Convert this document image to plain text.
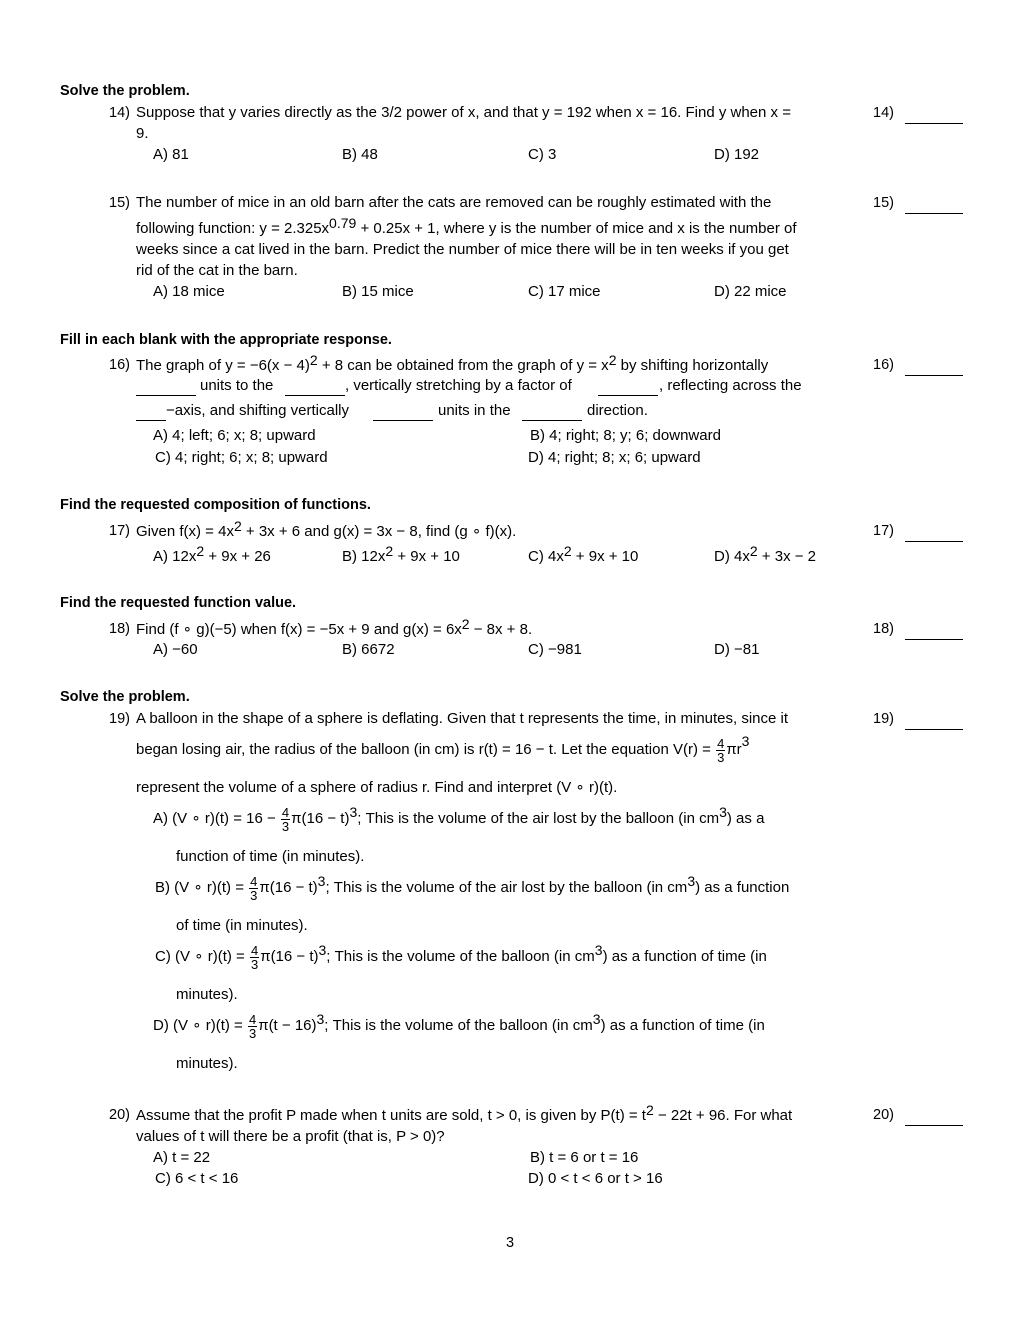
Solve the problem.
14) Suppose that y varies directly as the 3/2 power of x, and that y = 192 when x = 16. Find y when x =
9.
A) 81	B) 48	C) 3	D) 192
14)
15) The number of mice in an old barn after the cats are removed can be roughly estimated with the
following function: y = 2.325x0.79 + 0.25x + 1, where y is the number of mice and x is the number of
weeks since a cat lived in the barn. Predict the number of mice there will be in ten weeks if you get
rid of the cat in the barn.
A) 18 mice	B) 15 mice	C) 17 mice	D) 22 mice
15)
Fill in each blank with the appropriate response.
16) The graph of y = −6(x − 4)2 + 8 can be obtained from the graph of y = x2 by shifting horizontally
units to the	, vertically stretching by a factor of	, reflecting across the
−axis, and shifting vertically	units in the	direction.
A) 4; left; 6; x; 8; upward	B) 4; right; 8; y; 6; downward
C) 4; right; 6; x; 8; upward	D) 4; right; 8; x; 6; upward
16)
Find the requested composition of functions.
17) Given f(x) = 4x2 + 3x + 6 and g(x) = 3x − 8, find (g ∘ f)(x).
A) 12x2 + 9x + 26	B) 12x2 + 9x + 10	C) 4x2 + 9x + 10	D) 4x2 + 3x − 2
17)
Find the requested function value.
18) Find (f ∘ g)(−5) when f(x) = −5x + 9 and g(x) = 6x2 − 8x + 8.
A) −60	B) 6672	C) −981	D) −81
18)
Solve the problem.
19) A balloon in the shape of a sphere is deflating. Given that t represents the time, in minutes, since it
began losing air, the radius of the balloon (in cm) is r(t) = 16 − t. Let the equation $V(r) = \frac{4}{3} \pi r3$
represent the volume of a sphere of radius r. Find and interpret (V ∘ r)(t).
A) (V ∘ $r)(t) = 16 - \frac{4}{3} \pi(16 - t)3$; This is the volume of the air lost by the balloon (in cm3) as a
function of time (in minutes).
B) (V ∘ $r)(t) = \frac{4}{3} \pi(16 - t)3$; This is the volume of the air lost by the balloon (in cm3) as a function
of time (in minutes).
C) (V ∘ $r)(t) = \frac{4}{3} \pi(16 - t)3$; This is the volume of the balloon (in cm3) as a function of time (in
minutes).
D) (V ∘ $r)(t) = \frac{4}{3} \pi(t - 16)3$; This is the volume of the balloon (in cm3) as a function of time (in
minutes).
19)
20) Assume that the profit P made when t units are sold, t > 0, is given by P(t) = t2 − 22t + 96. For what
values of t will there be a profit (that is, P > 0)?
A) t = 22	B) t = 6 or t = 16
C) 6 < t < 16	D) 0 < t < 6 or t > 16
20)
3
